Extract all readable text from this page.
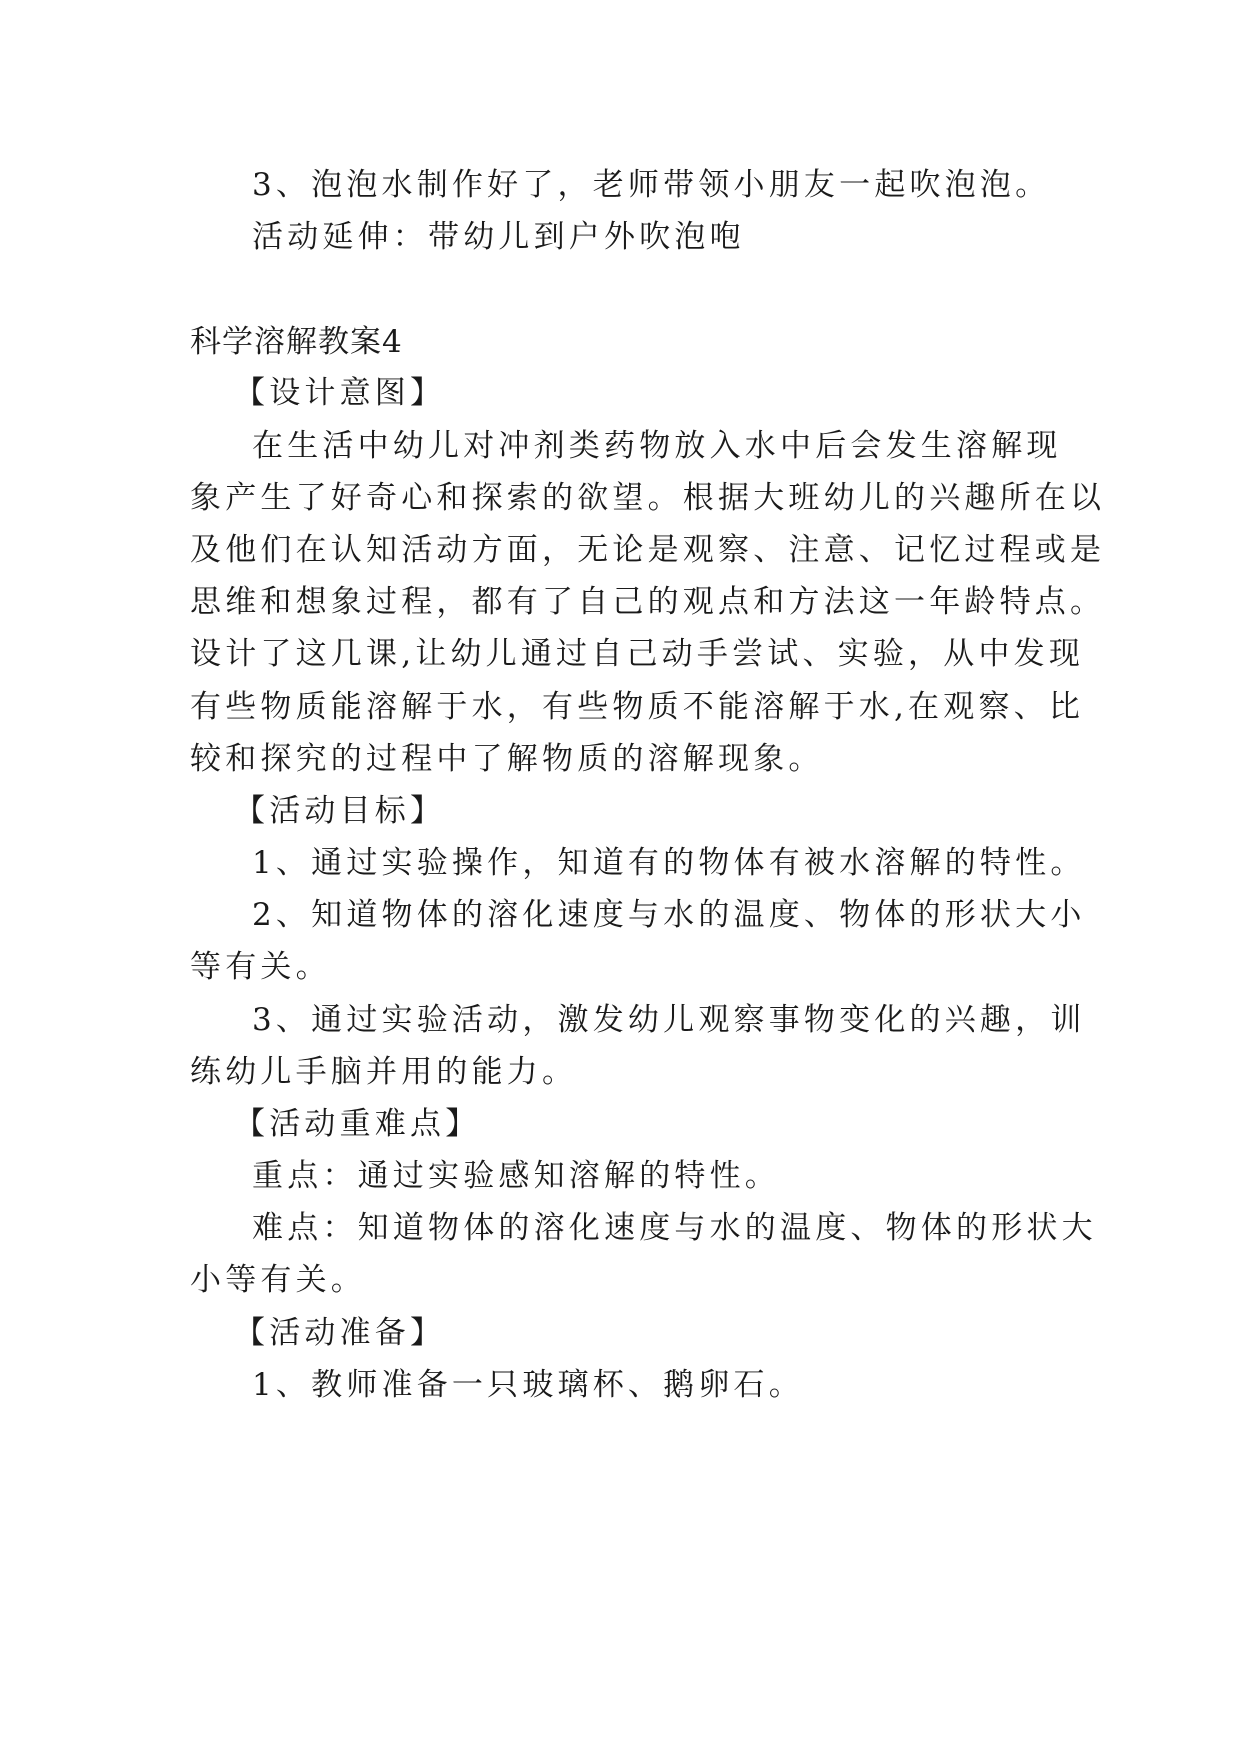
3、泡泡水制作好了，老师带领小朋友一起吹泡泡。
活动延伸：带幼儿到户外吹泡咆
科学溶解教案4
【设计意图】
在生活中幼儿对冲剂类药物放入水中后会发生溶解现
象产生了好奇心和探索的欲望。根据大班幼儿的兴趣所在以
及他们在认知活动方面，无论是观察、注意、记忆过程或是
思维和想象过程，都有了自己的观点和方法这一年龄特点。
设计了这几课,让幼儿通过自己动手尝试、实验，从中发现
有些物质能溶解于水，有些物质不能溶解于水,在观察、比
较和探究的过程中了解物质的溶解现象。
【活动目标】
1、通过实验操作，知道有的物体有被水溶解的特性。
2、知道物体的溶化速度与水的温度、物体的形状大小
等有关。
3、通过实验活动，激发幼儿观察事物变化的兴趣，训
练幼儿手脑并用的能力。
【活动重难点】
重点：通过实验感知溶解的特性。
难点：知道物体的溶化速度与水的温度、物体的形状大
小等有关。
【活动准备】
1、教师准备一只玻璃杯、鹅卵石。
